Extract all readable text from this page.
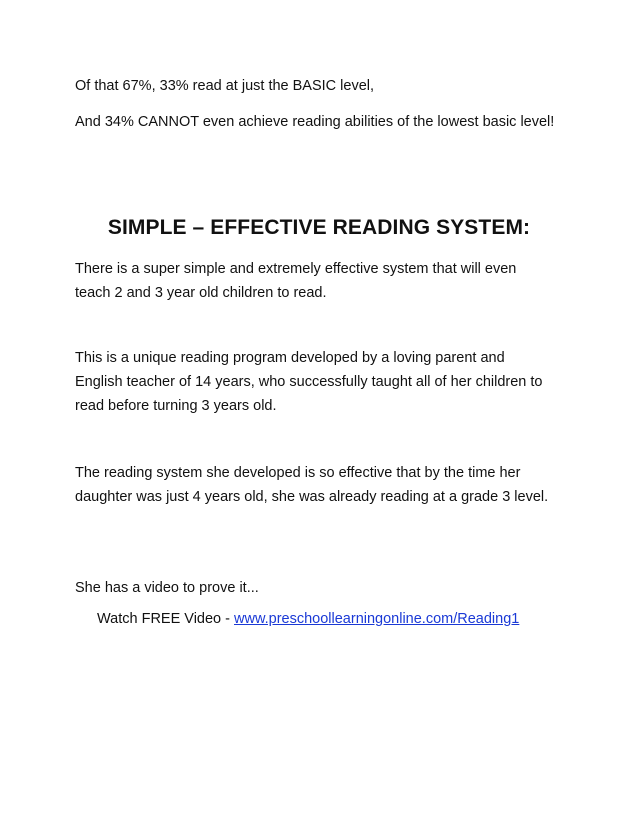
Of that 67%, 33% read at just the BASIC level,

And 34% CANNOT even achieve reading abilities of the lowest basic level!

SIMPLE – EFFECTIVE READING SYSTEM:

There is a super simple and extremely effective system that will even teach 2 and 3 year old children to read.

This is a unique reading program developed by a loving parent and English teacher of 14 years, who successfully taught all of her children to read before turning 3 years old.

The reading system she developed is so effective that by the time her daughter was just 4 years old, she was already reading at a grade 3 level.

She has a video to prove it...

Watch FREE Video - www.preschoollearningonline.com/Reading1
